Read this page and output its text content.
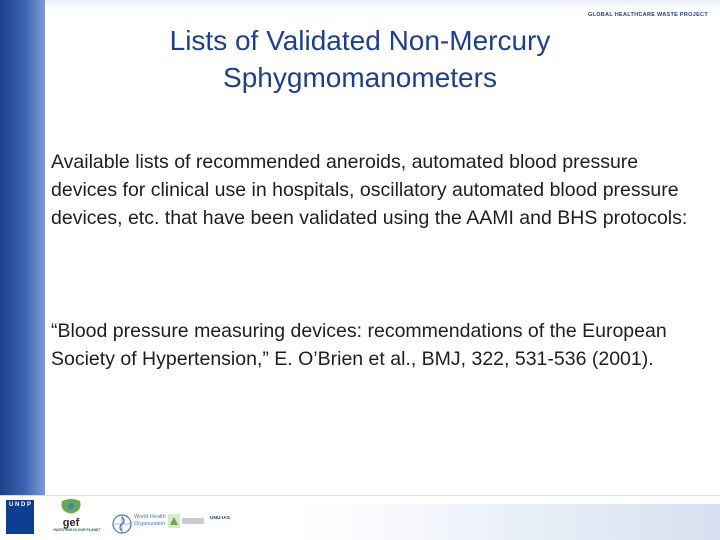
GLOBAL HEALTHCARE WASTE PROJECT
Lists of Validated Non-Mercury
Sphygmomanometers

Available lists of recommended aneroids, automated blood pressure devices for clinical use in hospitals, oscillatory automated blood pressure devices, etc. that have been validated using the AAMI and BHS protocols:

“Blood pressure measuring devices: recommendations of the European Society of Hypertension,” E. O’Brien et al., BMJ, 322, 531-536 (2001).

U N D P
gef
INVESTING IN OUR PLANET
World Health
Organization
UNU-IAS
